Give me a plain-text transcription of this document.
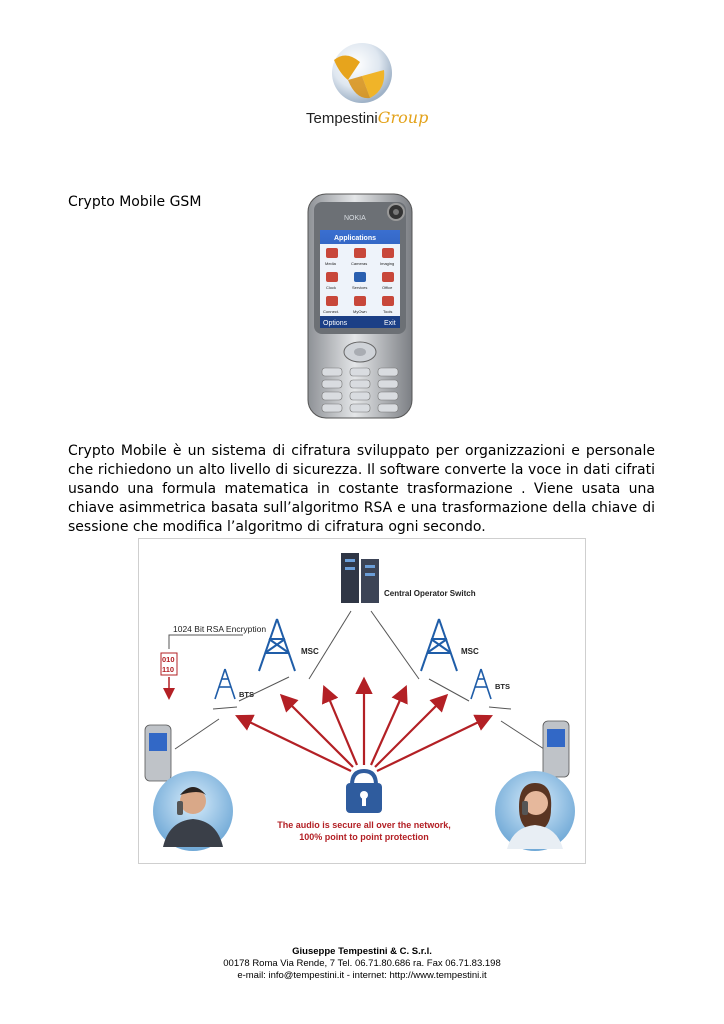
TempestiniGroup
Crypto Mobile GSM
NOKIA
Applications
Media	Cameras	Imaging
Clock	Services	Office
Connect.	MyOwn	Tools
Options	Exit

Crypto Mobile è un sistema di cifratura sviluppato per organizzazioni e personale che richiedono un alto livello di sicurezza. Il software converte la voce in dati cifrati usando una formula matematica in costante trasformazione . Viene usata una chiave asimmetrica basata sull’algoritmo RSA e una trasformazione della chiave di sessione che modifica l’algoritmo di cifratura ogni secondo.

Central Operator Switch
1024 Bit RSA Encryption
010
110
MSC	MSC
BTS
BTS
The audio is secure all over the network,
100% point to point protection
Giuseppe Tempestini & C. S.r.l.
00178 Roma Via Rende, 7 Tel. 06.71.80.686 ra. Fax 06.71.83.198
e-mail: info@tempestini.it - internet: http://www.tempestini.it
